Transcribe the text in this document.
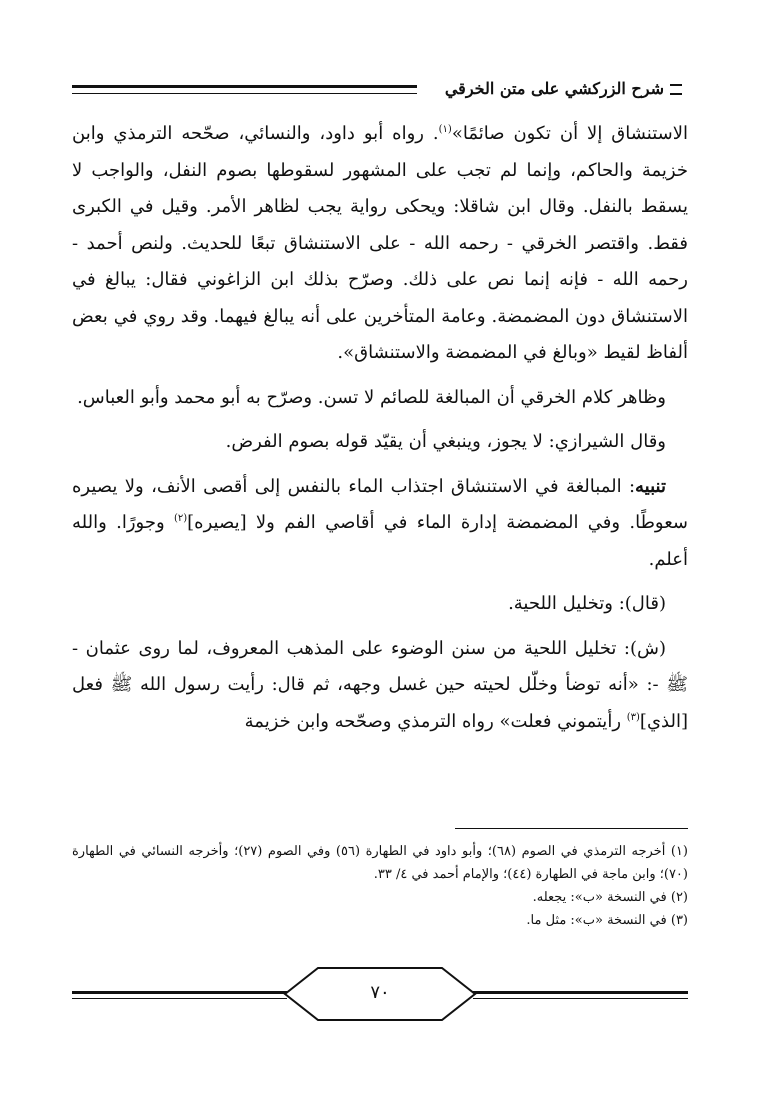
شرح الزركشي على متن الخرقي

الاستنشاق إلا أن تكون صائمًا»$^{(١)}$. رواه أبو داود، والنسائي، صحّحه الترمذي وابن خزيمة والحاكم، وإنما لم تجب على المشهور لسقوطها بصوم النفل، والواجب لا يسقط بالنفل. وقال ابن شاقلا: ويحكى رواية يجب لظاهر الأمر. وقيل في الكبرى فقط. واقتصر الخرقي - رحمه الله - على الاستنشاق تبعًا للحديث. ولنص أحمد - رحمه الله - فإنه إنما نص على ذلك. وصرّح بذلك ابن الزاغوني فقال: يبالغ في الاستنشاق دون المضمضة. وعامة المتأخرين على أنه يبالغ فيهما. وقد روي في بعض ألفاظ لقيط «وبالغ في المضمضة والاستنشاق».

وظاهر كلام الخرقي أن المبالغة للصائم لا تسن. وصرّح به أبو محمد وأبو العباس.

وقال الشيرازي: لا يجوز، وينبغي أن يقيّد قوله بصوم الفرض.

تنبيه: المبالغة في الاستنشاق اجتذاب الماء بالنفس إلى أقصى الأنف، ولا يصيره سعوطًا. وفي المضمضة إدارة الماء في أقاصي الفم ولا [يصيره]$^{(٢)}$ وجورًا. والله أعلم.

(قال): وتخليل اللحية.

(ش): تخليل اللحية من سنن الوضوء على المذهب المعروف، لما روى عثمان - ﷺ -: «أنه توضأ وخلّل لحيته حين غسل وجهه، ثم قال: رأيت رسول الله ﷺ فعل [الذي]$^{(٣)}$ رأيتموني فعلت» رواه الترمذي وصحّحه وابن خزيمة

(١) أخرجه الترمذي في الصوم (٦٨)؛ وأبو داود في الطهارة (٥٦) وفي الصوم (٢٧)؛ وأخرجه النسائي في الطهارة (٧٠)؛ وابن ماجة في الطهارة (٤٤)؛ والإمام أحمد في ٤/ ٣٣.

(٢) في النسخة «ب»: يجعله.

(٣) في النسخة «ب»: مثل ما.

٧٠
